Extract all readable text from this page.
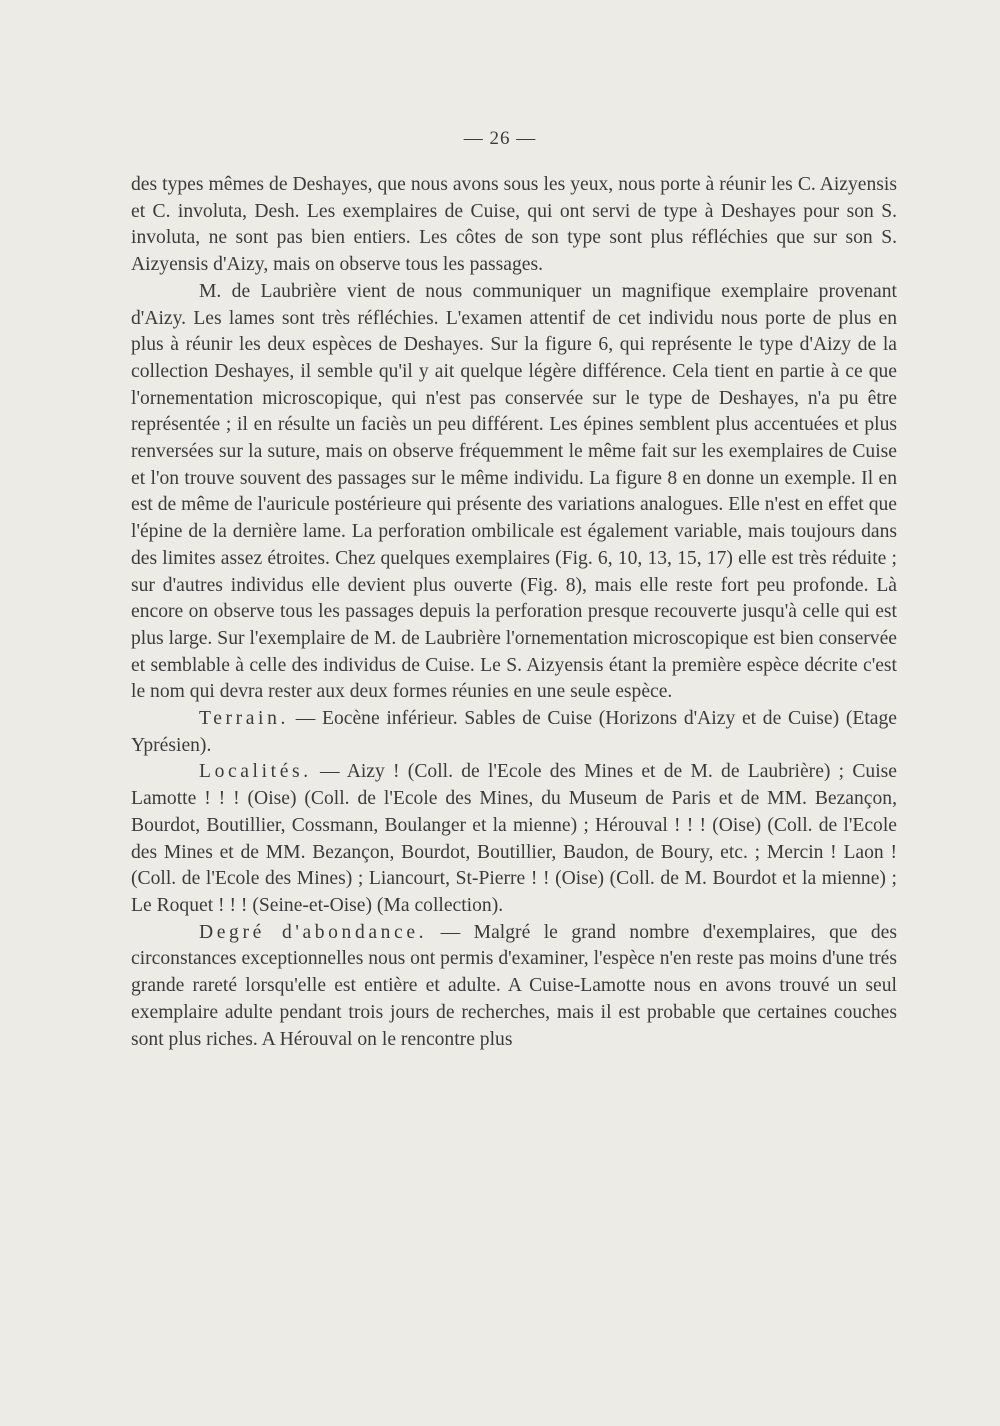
— 26 —

des types mêmes de Deshayes, que nous avons sous les yeux, nous porte à réunir les C. Aizyensis et C. involuta, Desh. Les exemplaires de Cuise, qui ont servi de type à Deshayes pour son S. involuta, ne sont pas bien entiers. Les côtes de son type sont plus réfléchies que sur son S. Aizyensis d'Aizy, mais on observe tous les passages.

M. de Laubrière vient de nous communiquer un magnifique exemplaire provenant d'Aizy. Les lames sont très réfléchies. L'examen attentif de cet individu nous porte de plus en plus à réunir les deux espèces de Deshayes. Sur la figure 6, qui représente le type d'Aizy de la collection Deshayes, il semble qu'il y ait quelque légère différence. Cela tient en partie à ce que l'ornementation microscopique, qui n'est pas conservée sur le type de Deshayes, n'a pu être représentée ; il en résulte un faciès un peu différent. Les épines semblent plus accentuées et plus renversées sur la suture, mais on observe fréquemment le même fait sur les exemplaires de Cuise et l'on trouve souvent des passages sur le même individu. La figure 8 en donne un exemple. Il en est de même de l'auricule postérieure qui présente des variations analogues. Elle n'est en effet que l'épine de la dernière lame. La perforation ombilicale est également variable, mais toujours dans des limites assez étroites. Chez quelques exemplaires (Fig. 6, 10, 13, 15, 17) elle est très réduite ; sur d'autres individus elle devient plus ouverte (Fig. 8), mais elle reste fort peu profonde. Là encore on observe tous les passages depuis la perforation presque recouverte jusqu'à celle qui est plus large. Sur l'exemplaire de M. de Laubrière l'ornementation microscopique est bien conservée et semblable à celle des individus de Cuise. Le S. Aizyensis étant la première espèce décrite c'est le nom qui devra rester aux deux formes réunies en une seule espèce.

Terrain. — Eocène inférieur. Sables de Cuise (Horizons d'Aizy et de Cuise) (Etage Yprésien).

Localités. — Aizy ! (Coll. de l'Ecole des Mines et de M. de Laubrière) ; Cuise Lamotte ! ! ! (Oise) (Coll. de l'Ecole des Mines, du Museum de Paris et de MM. Bezançon, Bourdot, Boutillier, Cossmann, Boulanger et la mienne) ; Hérouval ! ! ! (Oise) (Coll. de l'Ecole des Mines et de MM. Bezançon, Bourdot, Boutillier, Baudon, de Boury, etc. ; Mercin ! Laon ! (Coll. de l'Ecole des Mines) ; Liancourt, St-Pierre ! ! (Oise) (Coll. de M. Bourdot et la mienne) ; Le Roquet ! ! ! (Seine-et-Oise) (Ma collection).

Degré d'abondance. — Malgré le grand nombre d'exemplaires, que des circonstances exceptionnelles nous ont permis d'examiner, l'espèce n'en reste pas moins d'une trés grande rareté lorsqu'elle est entière et adulte. A Cuise-Lamotte nous en avons trouvé un seul exemplaire adulte pendant trois jours de recherches, mais il est probable que certaines couches sont plus riches. A Hérouval on le rencontre plus
